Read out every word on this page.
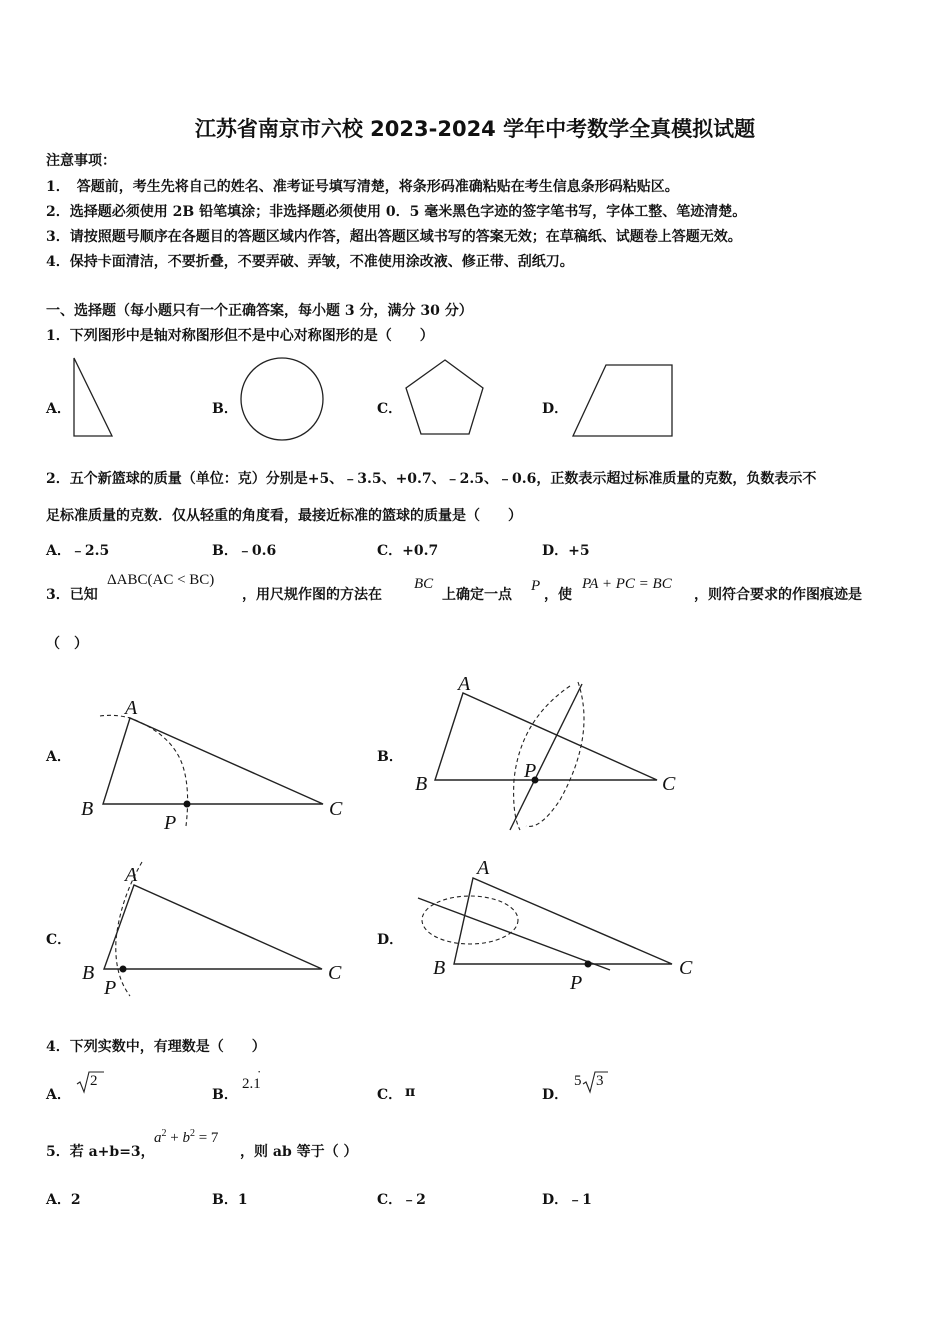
江苏省南京市六校 2023-2024 学年中考数学全真模拟试题
注意事项：
1．　答题前，考生先将自己的姓名、准考证号填写清楚，将条形码准确粘贴在考生信息条形码粘贴区。
2．选择题必须使用 2B 铅笔填涂；非选择题必须使用 0．5 毫米黑色字迹的签字笔书写，字体工整、笔迹清楚。
3．请按照题号顺序在各题目的答题区域内作答，超出答题区域书写的答案无效；在草稿纸、试题卷上答题无效。
4．保持卡面清洁，不要折叠，不要弄破、弄皱，不准使用涂改液、修正带、刮纸刀。
一、选择题（每小题只有一个正确答案，每小题 3 分，满分 30 分）
1．下列图形中是轴对称图形但不是中心对称图形的是（　　）
A．	B．	C．	D．
2．五个新篮球的质量（单位：克）分别是+5、﹣3.5、+0.7、﹣2.5、﹣0.6，正数表示超过标准质量的克数，负数表示不
足标准质量的克数．仅从轻重的角度看，最接近标准的篮球的质量是（　　）
A．﹣2.5	B．﹣0.6	C．+0.7	D．+5
3．已知
ΔABC(AC < BC)
，用尺规作图的方法在
BC
上确定一点
P
，使
PA + PC = BC
，则符合要求的作图痕迹是
（　）
A．	B．
C．	D．
A
B	C
P
A
B	C
P
A
B	C
P
A
B	C
P
4．下列实数中，有理数是（　　）
A．	B．	C．	D．
2	2.1
·
π
5 3
5．若 a+b=3，
$a^2 + b^2 = 7$
，则 ab 等于（ ）
A．2	B．1	C．﹣2	D．﹣1
